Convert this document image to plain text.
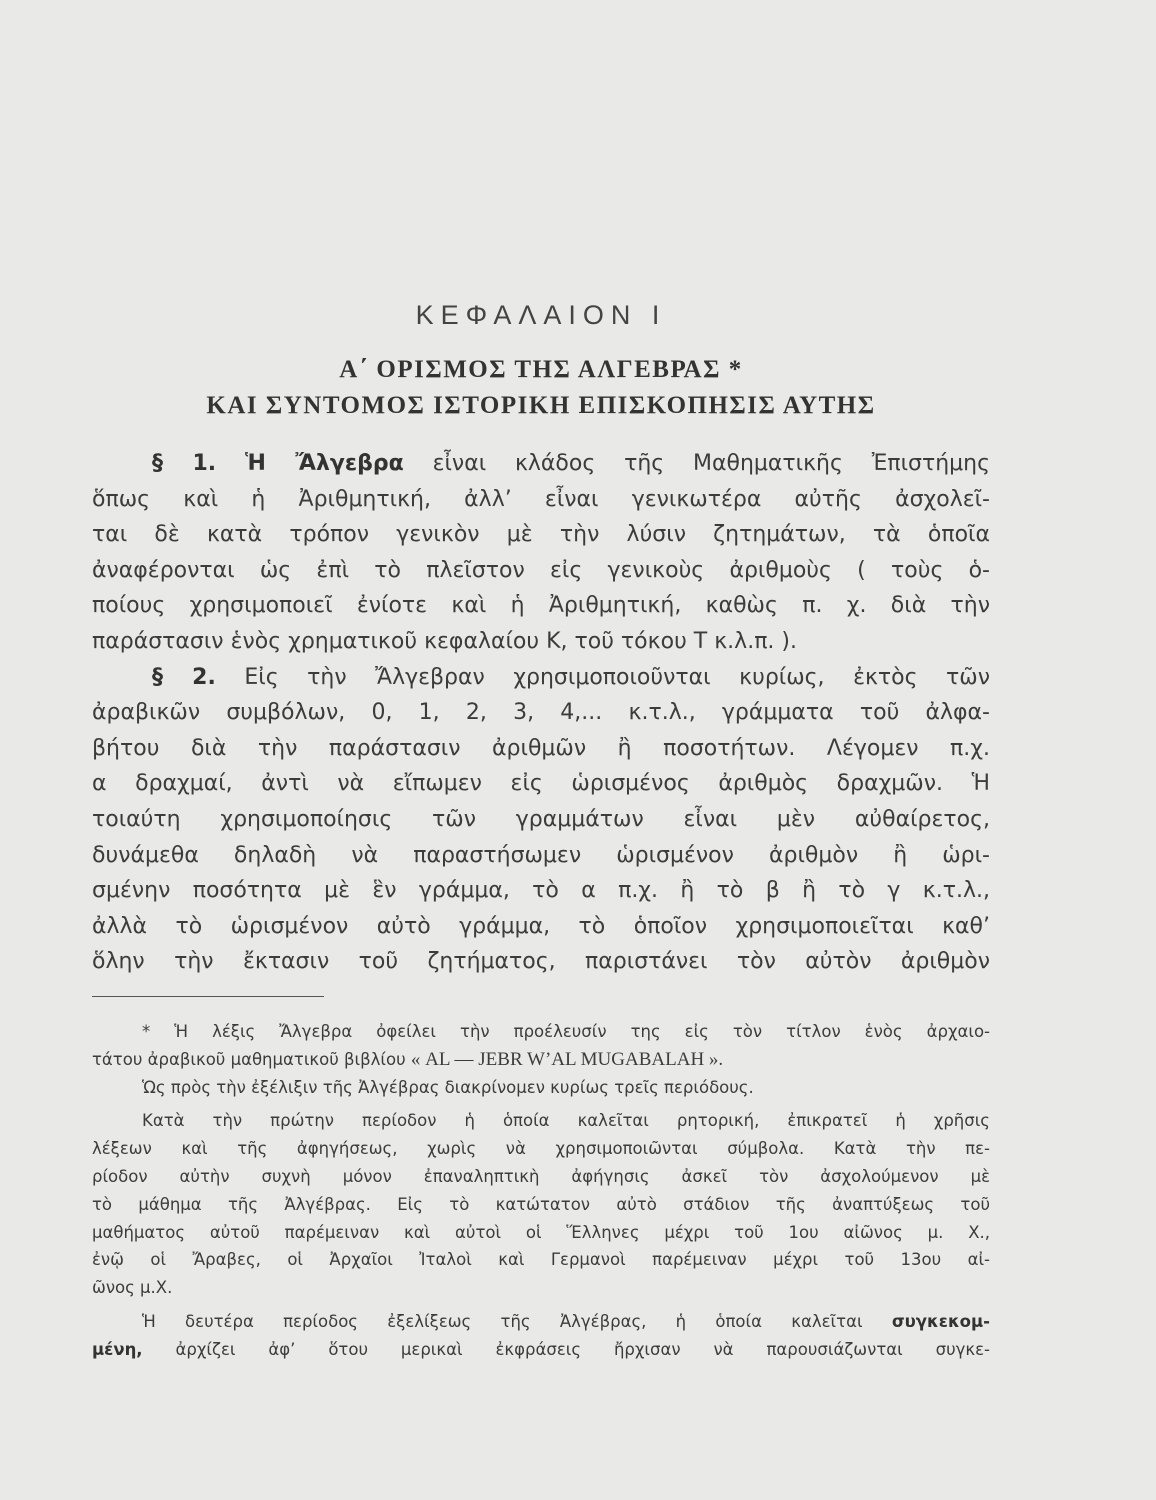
ΚΕΦΑΛΑΙΟΝ Ι
Α΄ ΟΡΙΣΜΟΣ ΤΗΣ ΑΛΓΕΒΡΑΣ *
ΚΑΙ ΣΥΝΤΟΜΟΣ ΙΣΤΟΡΙΚΗ ΕΠΙΣΚΟΠΗΣΙΣ ΑΥΤΗΣ
§ 1. Ἡ Ἄλγεβρα εἶναι κλάδος τῆς Μαθηματικῆς Ἐπιστήμης
ὅπως καὶ ἡ Ἀριθμητική, ἀλλ’ εἶναι γενικωτέρα αὐτῆς ἀσχολεῖ-
ται δὲ κατὰ τρόπον γενικὸν μὲ τὴν λύσιν ζητημάτων, τὰ ὁποῖα
ἀναφέρονται ὡς ἐπὶ τὸ πλεῖστον εἰς γενικοὺς ἀριθμοὺς ( τοὺς ὁ-
ποίους χρησιμοποιεῖ ἐνίοτε καὶ ἡ Ἀριθμητική, καθὼς π. χ. διὰ τὴν
παράστασιν ἑνὸς χρηματικοῦ κεφαλαίου Κ, τοῦ τόκου Τ κ.λ.π. ).
§ 2. Εἰς τὴν Ἄλγεβραν χρησιμοποιοῦνται κυρίως, ἐκτὸς τῶν
ἀραβικῶν συμβόλων, 0, 1, 2, 3, 4,... κ.τ.λ., γράμματα τοῦ ἀλφα-
βήτου διὰ τὴν παράστασιν ἀριθμῶν ἢ ποσοτήτων. Λέγομεν π.χ.
α δραχμαί, ἀντὶ νὰ εἴπωμεν εἰς ὡρισμένος ἀριθμὸς δραχμῶν. Ἡ
τοιαύτη χρησιμοποίησις τῶν γραμμάτων εἶναι μὲν αὐθαίρετος,
δυνάμεθα δηλαδὴ νὰ παραστήσωμεν ὡρισμένον ἀριθμὸν ἢ ὡρι-
σμένην ποσότητα μὲ ἓν γράμμα, τὸ α π.χ. ἢ τὸ β ἢ τὸ γ κ.τ.λ.,
ἀλλὰ τὸ ὡρισμένον αὐτὸ γράμμα, τὸ ὁποῖον χρησιμοποιεῖται καθ’
ὅλην τὴν ἔκτασιν τοῦ ζητήματος, παριστάνει τὸν αὐτὸν ἀριθμὸν
* Ἡ λέξις Ἄλγεβρα ὀφείλει τὴν προέλευσίν της εἰς τὸν τίτλον ἑνὸς ἀρχαιο-
τάτου ἀραβικοῦ μαθηματικοῦ βιβλίου « AL — JEBR W’AL MUGABALAH ».
Ὡς πρὸς τὴν ἐξέλιξιν τῆς Ἀλγέβρας διακρίνομεν κυρίως τρεῖς περιόδους.
Κατὰ τὴν πρώτην περίοδον ἡ ὁποία καλεῖται ρητορική, ἐπικρατεῖ ἡ χρῆσις
λέξεων καὶ τῆς ἀφηγήσεως, χωρὶς νὰ χρησιμοποιῶνται σύμβολα. Κατὰ τὴν πε-
ρίοδον αὐτὴν συχνὴ μόνον ἐπαναληπτικὴ ἀφήγησις ἀσκεῖ τὸν ἀσχολούμενον μὲ
τὸ μάθημα τῆς Ἀλγέβρας. Εἰς τὸ κατώτατον αὐτὸ στάδιον τῆς ἀναπτύξεως τοῦ
μαθήματος αὐτοῦ παρέμειναν καὶ αὐτοὶ οἱ Ἕλληνες μέχρι τοῦ 1ου αἰῶνος μ. Χ.,
ἐνῷ οἱ Ἄραβες, οἱ Ἀρχαῖοι Ἰταλοὶ καὶ Γερμανοὶ παρέμειναν μέχρι τοῦ 13ου αἰ-
ῶνος μ.Χ.
Ἡ δευτέρα περίοδος ἐξελίξεως τῆς Ἀλγέβρας, ἡ ὁποία καλεῖται συγκεκομ-
μένη, ἀρχίζει ἀφ’ ὅτου μερικαὶ ἐκφράσεις ἤρχισαν νὰ παρουσιάζωνται συγκε-
